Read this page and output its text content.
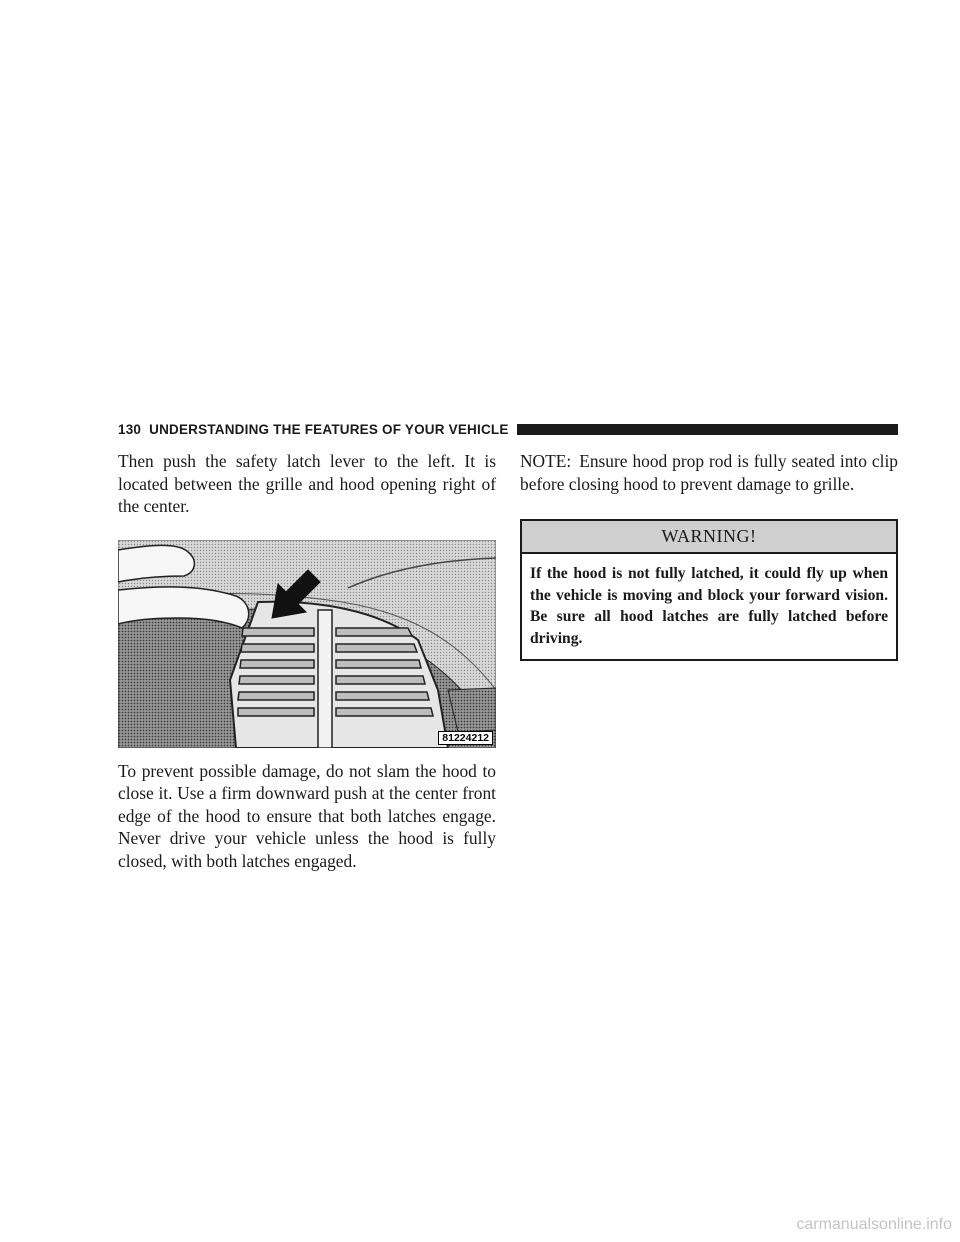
130 UNDERSTANDING THE FEATURES OF YOUR VEHICLE

Then push the safety latch lever to the left. It is located between the grille and hood opening right of the center.

81224212

To prevent possible damage, do not slam the hood to close it. Use a firm downward push at the center front edge of the hood to ensure that both latches engage. Never drive your vehicle unless the hood is fully closed, with both latches engaged.

NOTE: Ensure hood prop rod is fully seated into clip before closing hood to prevent damage to grille.

WARNING!
If the hood is not fully latched, it could fly up when the vehicle is moving and block your forward vision. Be sure all hood latches are fully latched before driving.
carmanualsonline.info
